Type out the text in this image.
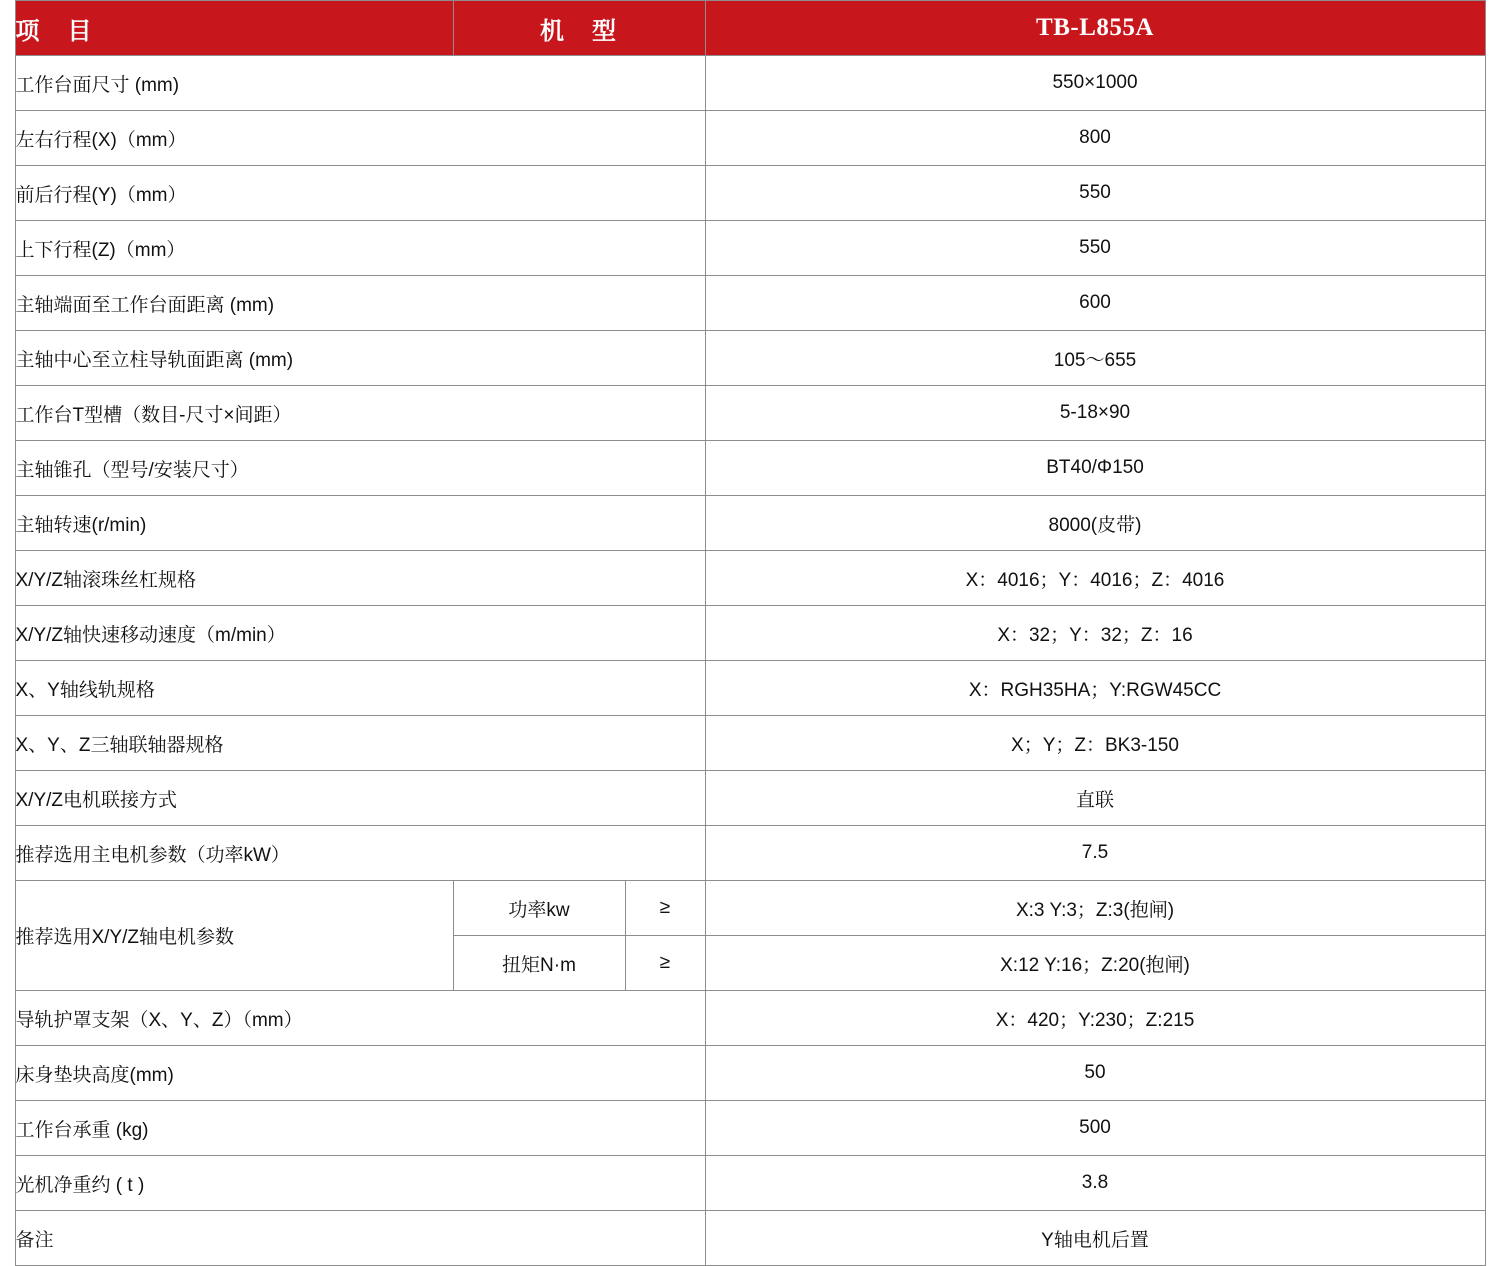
项　目	机　型		TB-L855A
工作台面尺寸 (mm)			550×1000
左右行程(X)（mm）			800
前后行程(Y)（mm）			550
上下行程(Z)（mm）			550
主轴端面至工作台面距离 (mm)			600
主轴中心至立柱导轨面距离 (mm)			105～655
工作台T型槽（数目-尺寸×间距）			5-18×90
主轴锥孔（型号/安装尺寸）			BT40/Φ150
主轴转速(r/min)			8000(皮带)
X/Y/Z轴滚珠丝杠规格			X：4016；Y：4016；Z：4016
X/Y/Z轴快速移动速度（m/min）			X：32；Y：32；Z：16
X、Y轴线轨规格			X：RGH35HA；Y:RGW45CC
X、Y、Z三轴联轴器规格			X；Y；Z：BK3-150
X/Y/Z电机联接方式			直联
推荐选用主电机参数（功率kW）			7.5
推荐选用X/Y/Z轴电机参数	功率kw	≥	X:3 Y:3；Z:3(抱闸)
	扭矩N·m	≥	X:12 Y:16；Z:20(抱闸)
导轨护罩支架（X、Y、Z）（mm）			X：420；Y:230；Z:215
床身垫块高度(mm)			50
工作台承重 (kg)			500
光机净重约 ( t )			3.8
备注			Y轴电机后置
